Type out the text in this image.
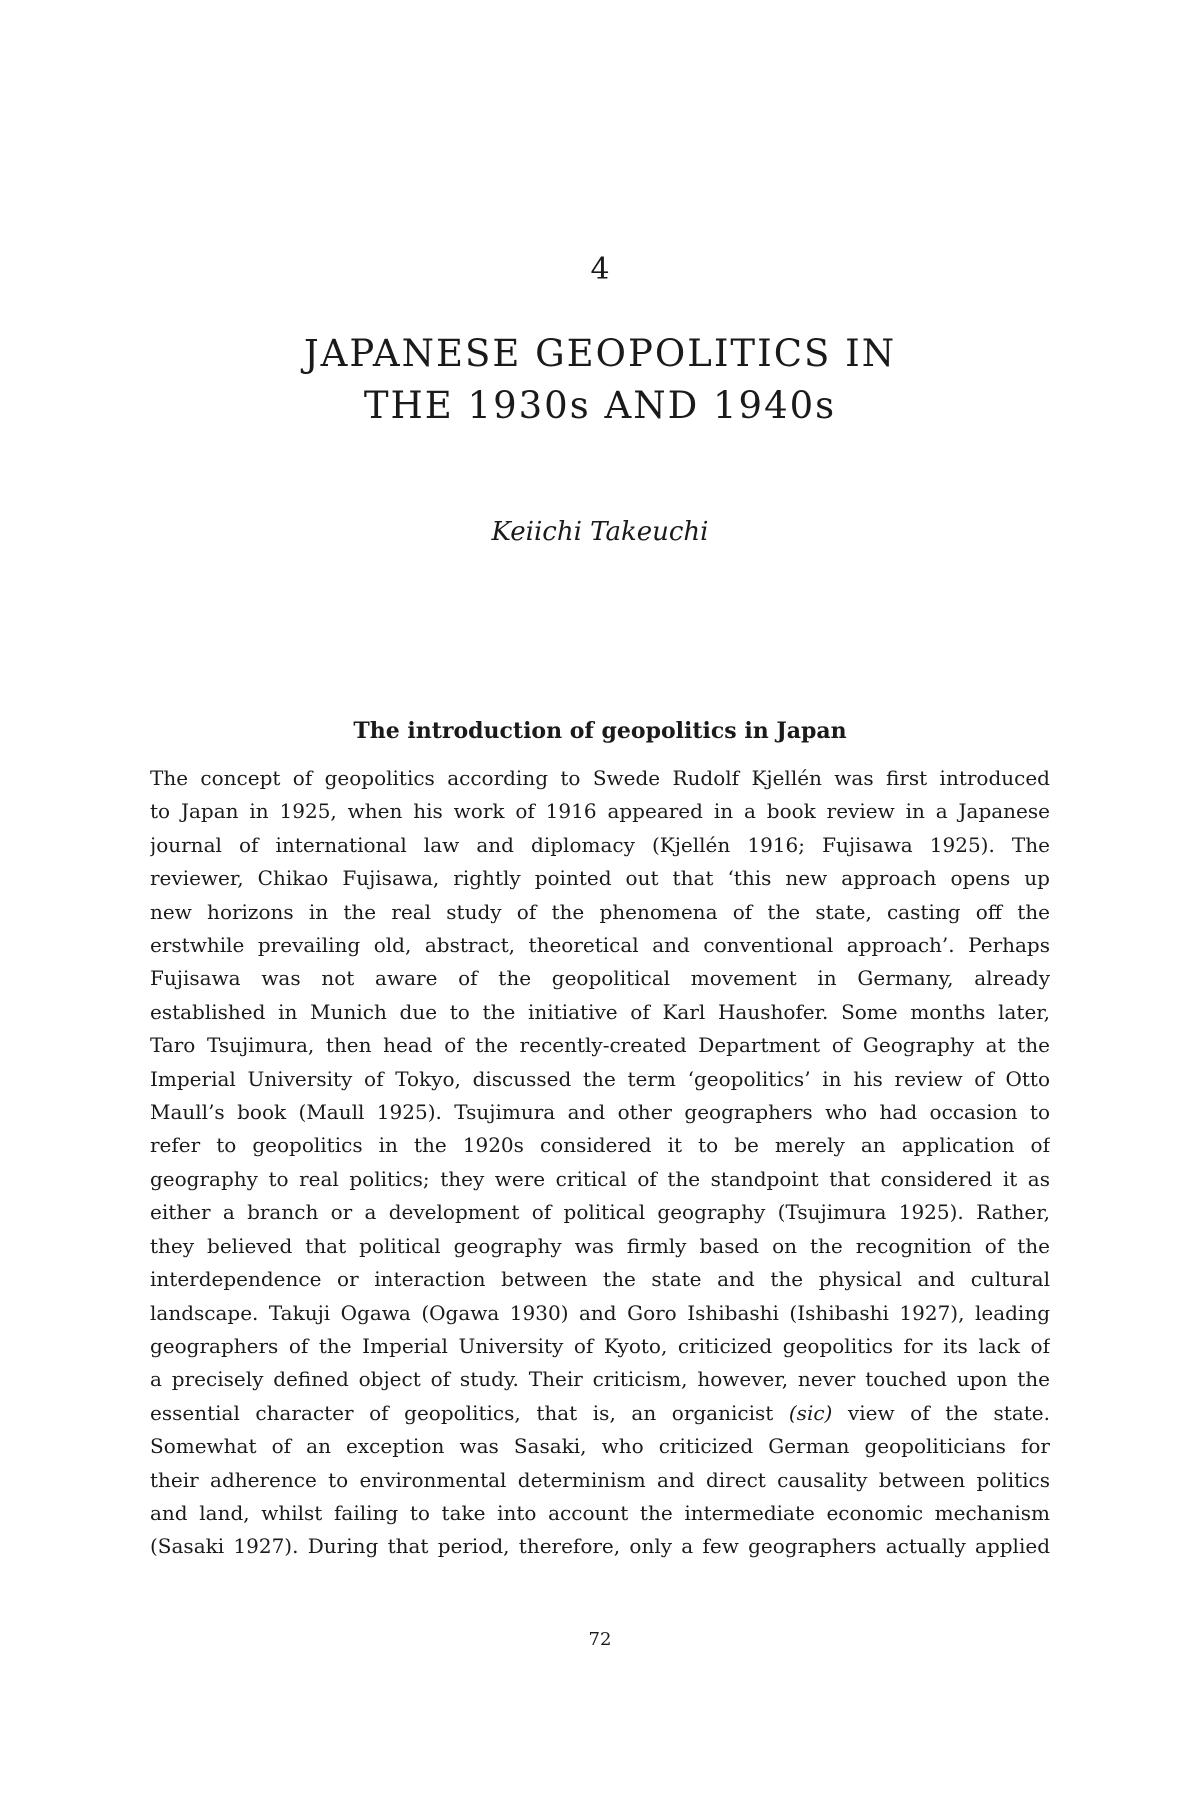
4

JAPANESE GEOPOLITICS IN
THE 1930s AND 1940s

Keiichi Takeuchi

The introduction of geopolitics in Japan
The concept of geopolitics according to Swede Rudolf Kjellén was first introduced
to Japan in 1925, when his work of 1916 appeared in a book review in a Japanese
journal of international law and diplomacy (Kjellén 1916; Fujisawa 1925). The
reviewer, Chikao Fujisawa, rightly pointed out that ‘this new approach opens up
new horizons in the real study of the phenomena of the state, casting off the
erstwhile prevailing old, abstract, theoretical and conventional approach’. Perhaps
Fujisawa was not aware of the geopolitical movement in Germany, already
established in Munich due to the initiative of Karl Haushofer. Some months later,
Taro Tsujimura, then head of the recently-created Department of Geography at the
Imperial University of Tokyo, discussed the term ‘geopolitics’ in his review of Otto
Maull’s book (Maull 1925). Tsujimura and other geographers who had occasion to
refer to geopolitics in the 1920s considered it to be merely an application of
geography to real politics; they were critical of the standpoint that considered it as
either a branch or a development of political geography (Tsujimura 1925). Rather,
they believed that political geography was firmly based on the recognition of the
interdependence or interaction between the state and the physical and cultural
landscape. Takuji Ogawa (Ogawa 1930) and Goro Ishibashi (Ishibashi 1927), leading
geographers of the Imperial University of Kyoto, criticized geopolitics for its lack of
a precisely defined object of study. Their criticism, however, never touched upon the
essential character of geopolitics, that is, an organicist (sic) view of the state.
Somewhat of an exception was Sasaki, who criticized German geopoliticians for
their adherence to environmental determinism and direct causality between politics
and land, whilst failing to take into account the intermediate economic mechanism
(Sasaki 1927). During that period, therefore, only a few geographers actually applied

72
